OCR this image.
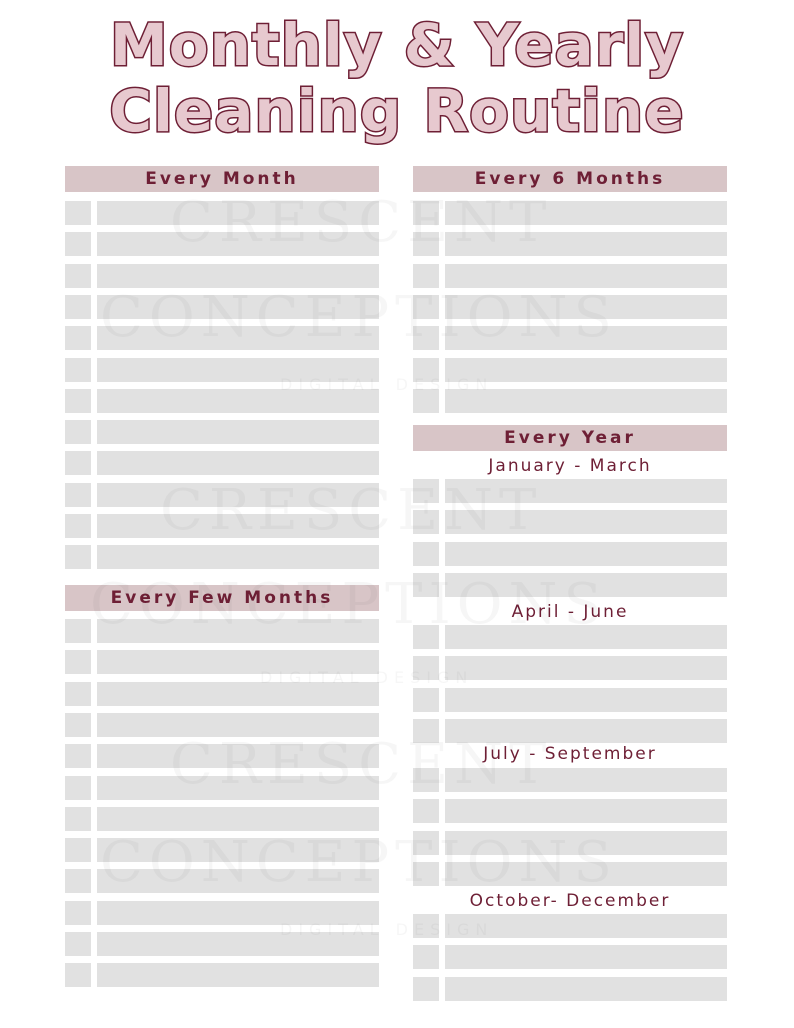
Monthly & Yearly
Cleaning Routine
Every Month
Every Few Months
Every 6 Months
Every Year
January - March
April - June
July - September
October- December
